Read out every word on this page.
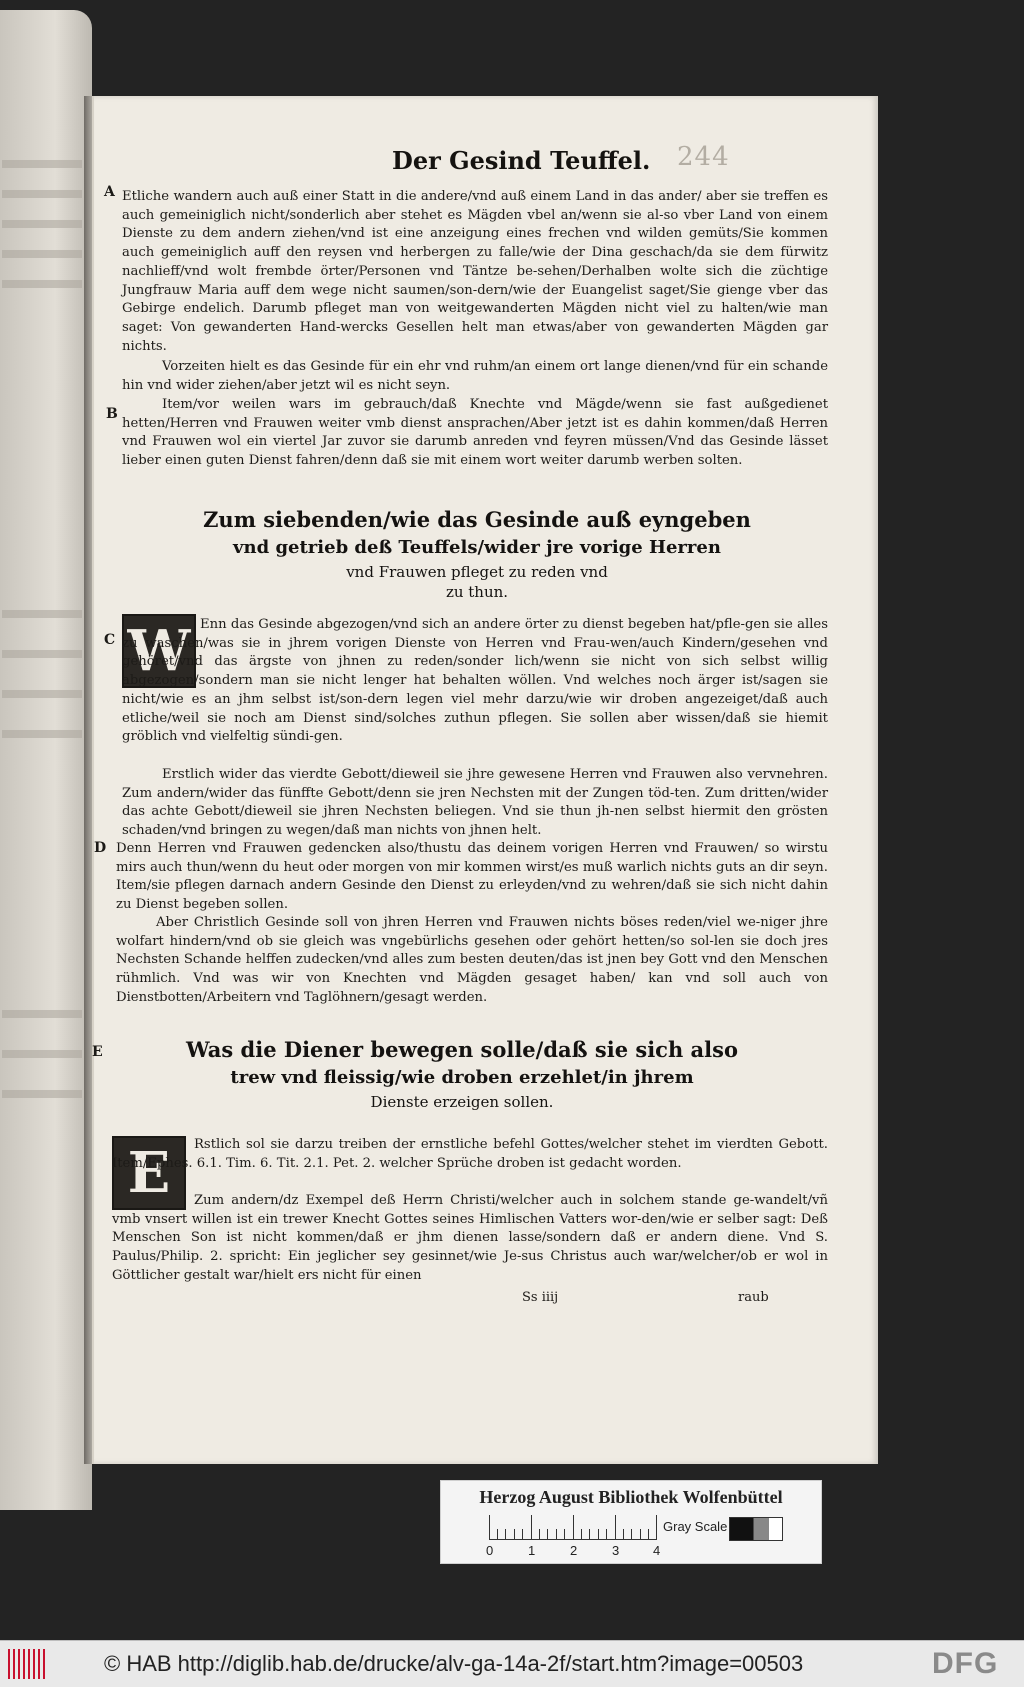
Der Gesind Teuffel. 244
A Etliche wandern auch auß einer Statt in die andere/vnd auß einem Land in das ander/ aber sie treffen es auch gemeiniglich nicht/sonderlich aber stehet es Mägden vbel an/wenn sie al-so vber Land von einem Dienste zu dem andern ziehen/vnd ist eine anzeigung eines frechen vnd wilden gemüts/Sie kommen auch gemeiniglich auff den reysen vnd herbergen zu falle/wie der Dina geschach/da sie dem fürwitz nachlieff/vnd wolt frembde örter/Personen vnd Täntze be-sehen/Derhalben wolte sich die züchtige Jungfrauw Maria auff dem wege nicht saumen/son-dern/wie der Euangelist saget/Sie gienge vber das Gebirge endelich. Darumb pfleget man von weitgewanderten Mägden nicht viel zu halten/wie man saget: Von gewanderten Hand-wercks Gesellen helt man etwas/aber von gewanderten Mägden gar nichts.
Vorzeiten hielt es das Gesinde für ein ehr vnd ruhm/an einem ort lange dienen/vnd für ein schande hin vnd wider ziehen/aber jetzt wil es nicht seyn.
B
Item/vor weilen wars im gebrauch/daß Knechte vnd Mägde/wenn sie fast außgedienet hetten/Herren vnd Frauwen weiter vmb dienst ansprachen/Aber jetzt ist es dahin kommen/daß Herren vnd Frauwen wol ein viertel Jar zuvor sie darumb anreden vnd feyren müssen/Vnd das Gesinde lässet lieber einen guten Dienst fahren/denn daß sie mit einem wort weiter darumb werben solten.
Zum siebenden/wie das Gesinde auß eyngeben
vnd getrieb deß Teuffels/wider jre vorige Herren
vnd Frauwen pfleget zu reden vnd
zu thun.
C W Enn das Gesinde abgezogen/vnd sich an andere örter zu dienst begeben hat/pfle-gen sie alles zu waschen/was sie in jhrem vorigen Dienste von Herren vnd Frau-wen/auch Kindern/gesehen vnd gehöret/vnd das ärgste von jhnen zu reden/sonder lich/wenn sie nicht von sich selbst willig abgezogen/sondern man sie nicht lenger hat behalten wöllen. Vnd welches noch ärger ist/sagen sie nicht/wie es an jhm selbst ist/son-dern legen viel mehr darzu/wie wir droben angezeiget/daß auch etliche/weil sie noch am Dienst sind/solches zuthun pflegen. Sie sollen aber wissen/daß sie hiemit gröblich vnd vielfeltig sündi-gen.
Erstlich wider das vierdte Gebott/dieweil sie jhre gewesene Herren vnd Frauwen also vervnehren. Zum andern/wider das fünffte Gebott/denn sie jren Nechsten mit der Zungen töd-ten. Zum dritten/wider das achte Gebott/dieweil sie jhren Nechsten beliegen. Vnd sie thun jh-nen selbst hiermit den grösten schaden/vnd bringen zu wegen/daß man nichts von jhnen helt.
D Denn Herren vnd Frauwen gedencken also/thustu das deinem vorigen Herren vnd Frauwen/ so wirstu mirs auch thun/wenn du heut oder morgen von mir kommen wirst/es muß warlich nichts guts an dir seyn. Item/sie pflegen darnach andern Gesinde den Dienst zu erleyden/vnd zu wehren/daß sie sich nicht dahin zu Dienst begeben sollen.
Aber Christlich Gesinde soll von jhren Herren vnd Frauwen nichts böses reden/viel we-niger jhre wolfart hindern/vnd ob sie gleich was vngebürlichs gesehen oder gehört hetten/so sol-len sie doch jres Nechsten Schande helffen zudecken/vnd alles zum besten deuten/das ist jnen bey Gott vnd den Menschen rühmlich. Vnd was wir von Knechten vnd Mägden gesaget haben/ kan vnd soll auch von Dienstbotten/Arbeitern vnd Taglöhnern/gesagt werden.
E	Was die Diener bewegen solle/daß sie sich also
trew vnd fleissig/wie droben erzehlet/in jhrem
Dienste erzeigen sollen.
E	Rstlich sol sie darzu treiben der ernstliche befehl Gottes/welcher stehet im vierdten Gebott. Item/Ephes. 6.1. Tim. 6. Tit. 2.1. Pet. 2. welcher Sprüche droben ist gedacht worden.
Zum andern/dz Exempel deß Herrn Christi/welcher auch in solchem stande ge-wandelt/vñ vmb vnsert willen ist ein trewer Knecht Gottes seines Himlischen Vatters wor-den/wie er selber sagt: Deß Menschen Son ist nicht kommen/daß er jhm dienen lasse/sondern daß er andern diene. Vnd S. Paulus/Philip. 2. spricht: Ein jeglicher sey gesinnet/wie Je-sus Christus auch war/welcher/ob er wol in Göttlicher gestalt war/hielt ers nicht für einen
Ss iiij	raub
Herzog August Bibliothek Wolfenbüttel
0	1	2	3	4
Gray Scale
© HAB http://diglib.hab.de/drucke/alv-ga-14a-2f/start.htm?image=00503	DFG
